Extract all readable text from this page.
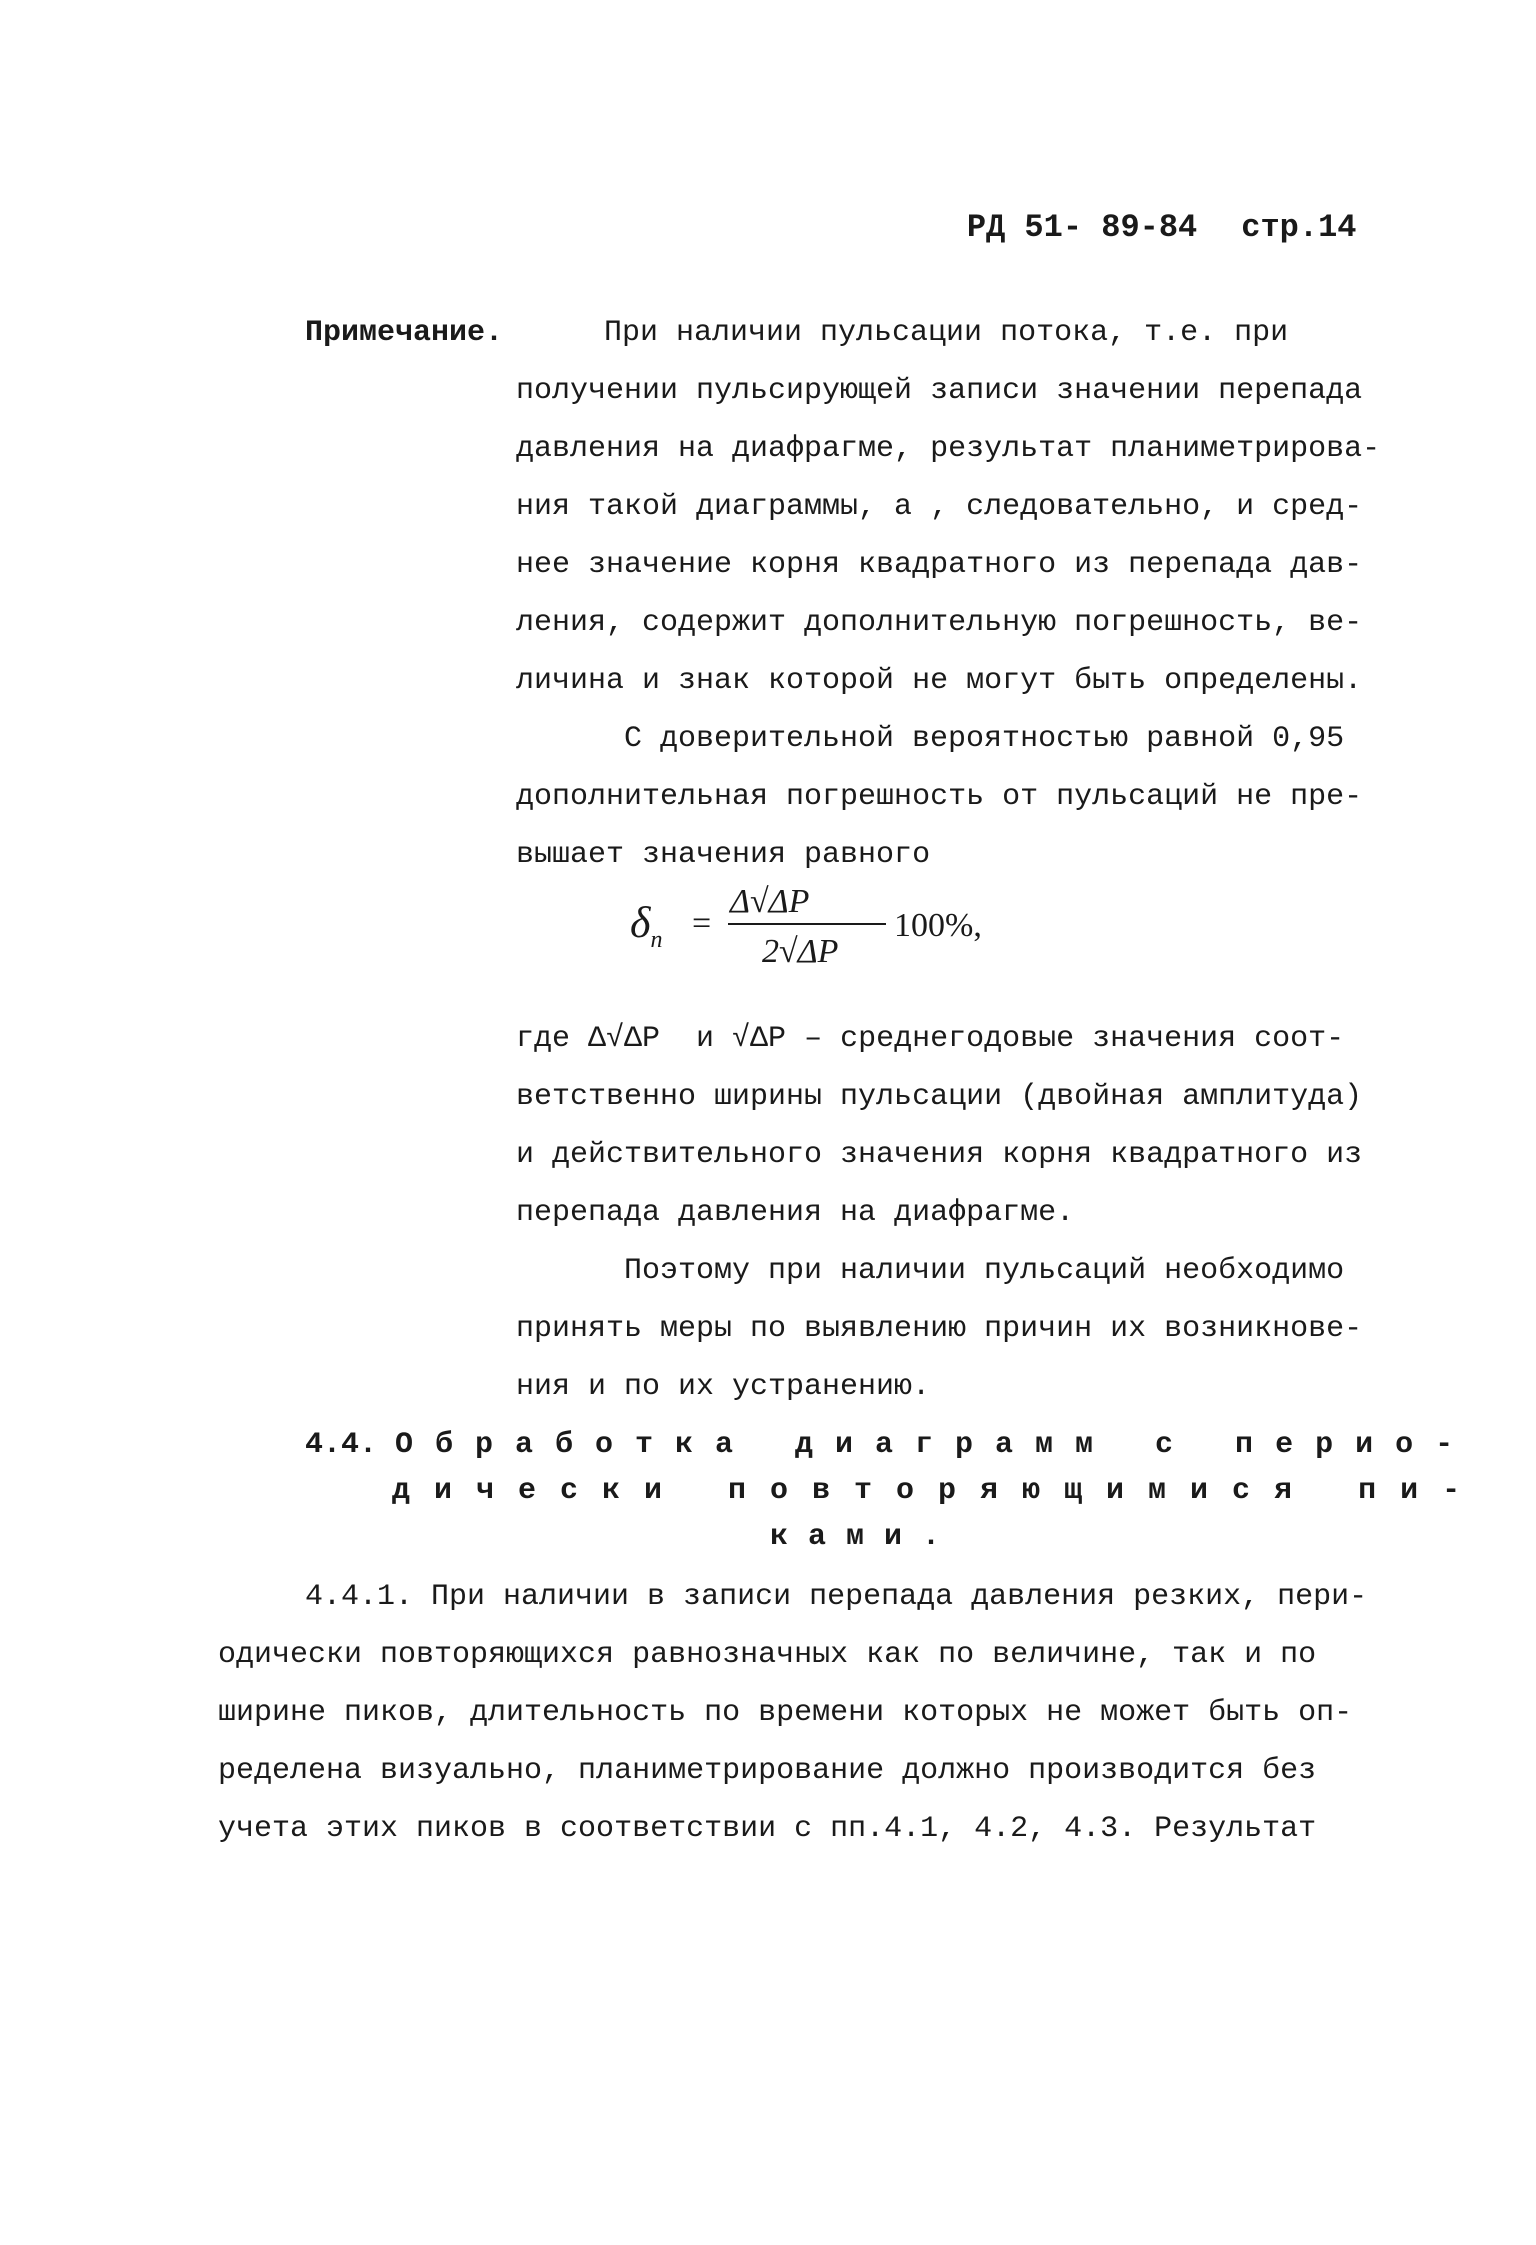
РД 51- 89-84 стр.14

Примечание.	При наличии пульсации потока, т.е. при
получении пульсирующей записи значении перепада
давления на диафрагме, результат планиметрирова-
ния такой диаграммы, а , следовательно, и сред-
нее значение корня квадратного из перепада дав-
ления, содержит дополнительную погрешность, ве-
личина и знак которой не могут быть определены.
С доверительной вероятностью равной 0,95
дополнительная погрешность от пульсаций не пре-
вышает значения равного
$\delta_п$ =
Δ√ΔP
2√ΔP
100%,
где Δ√ΔP  и √ΔP – среднегодовые значения соот-
ветственно ширины пульсации (двойная амплитуда)
и действительного значения корня квадратного из
перепада давления на диафрагме.
Поэтому при наличии пульсаций необходимо
принять меры по выявлению причин их возникнове-
ния и по их устранению.
4.4. Обработка диаграмм с перио-
дически повторяющимися пи-
ками.
4.4.1. При наличии в записи перепада давления резких, пери-
одически повторяющихся равнозначных как по величине, так и по
ширине пиков, длительность по времени которых не может быть оп-
ределена визуально, планиметрирование должно производится без
учета этих пиков в соответствии с пп.4.1, 4.2, 4.3. Результат
